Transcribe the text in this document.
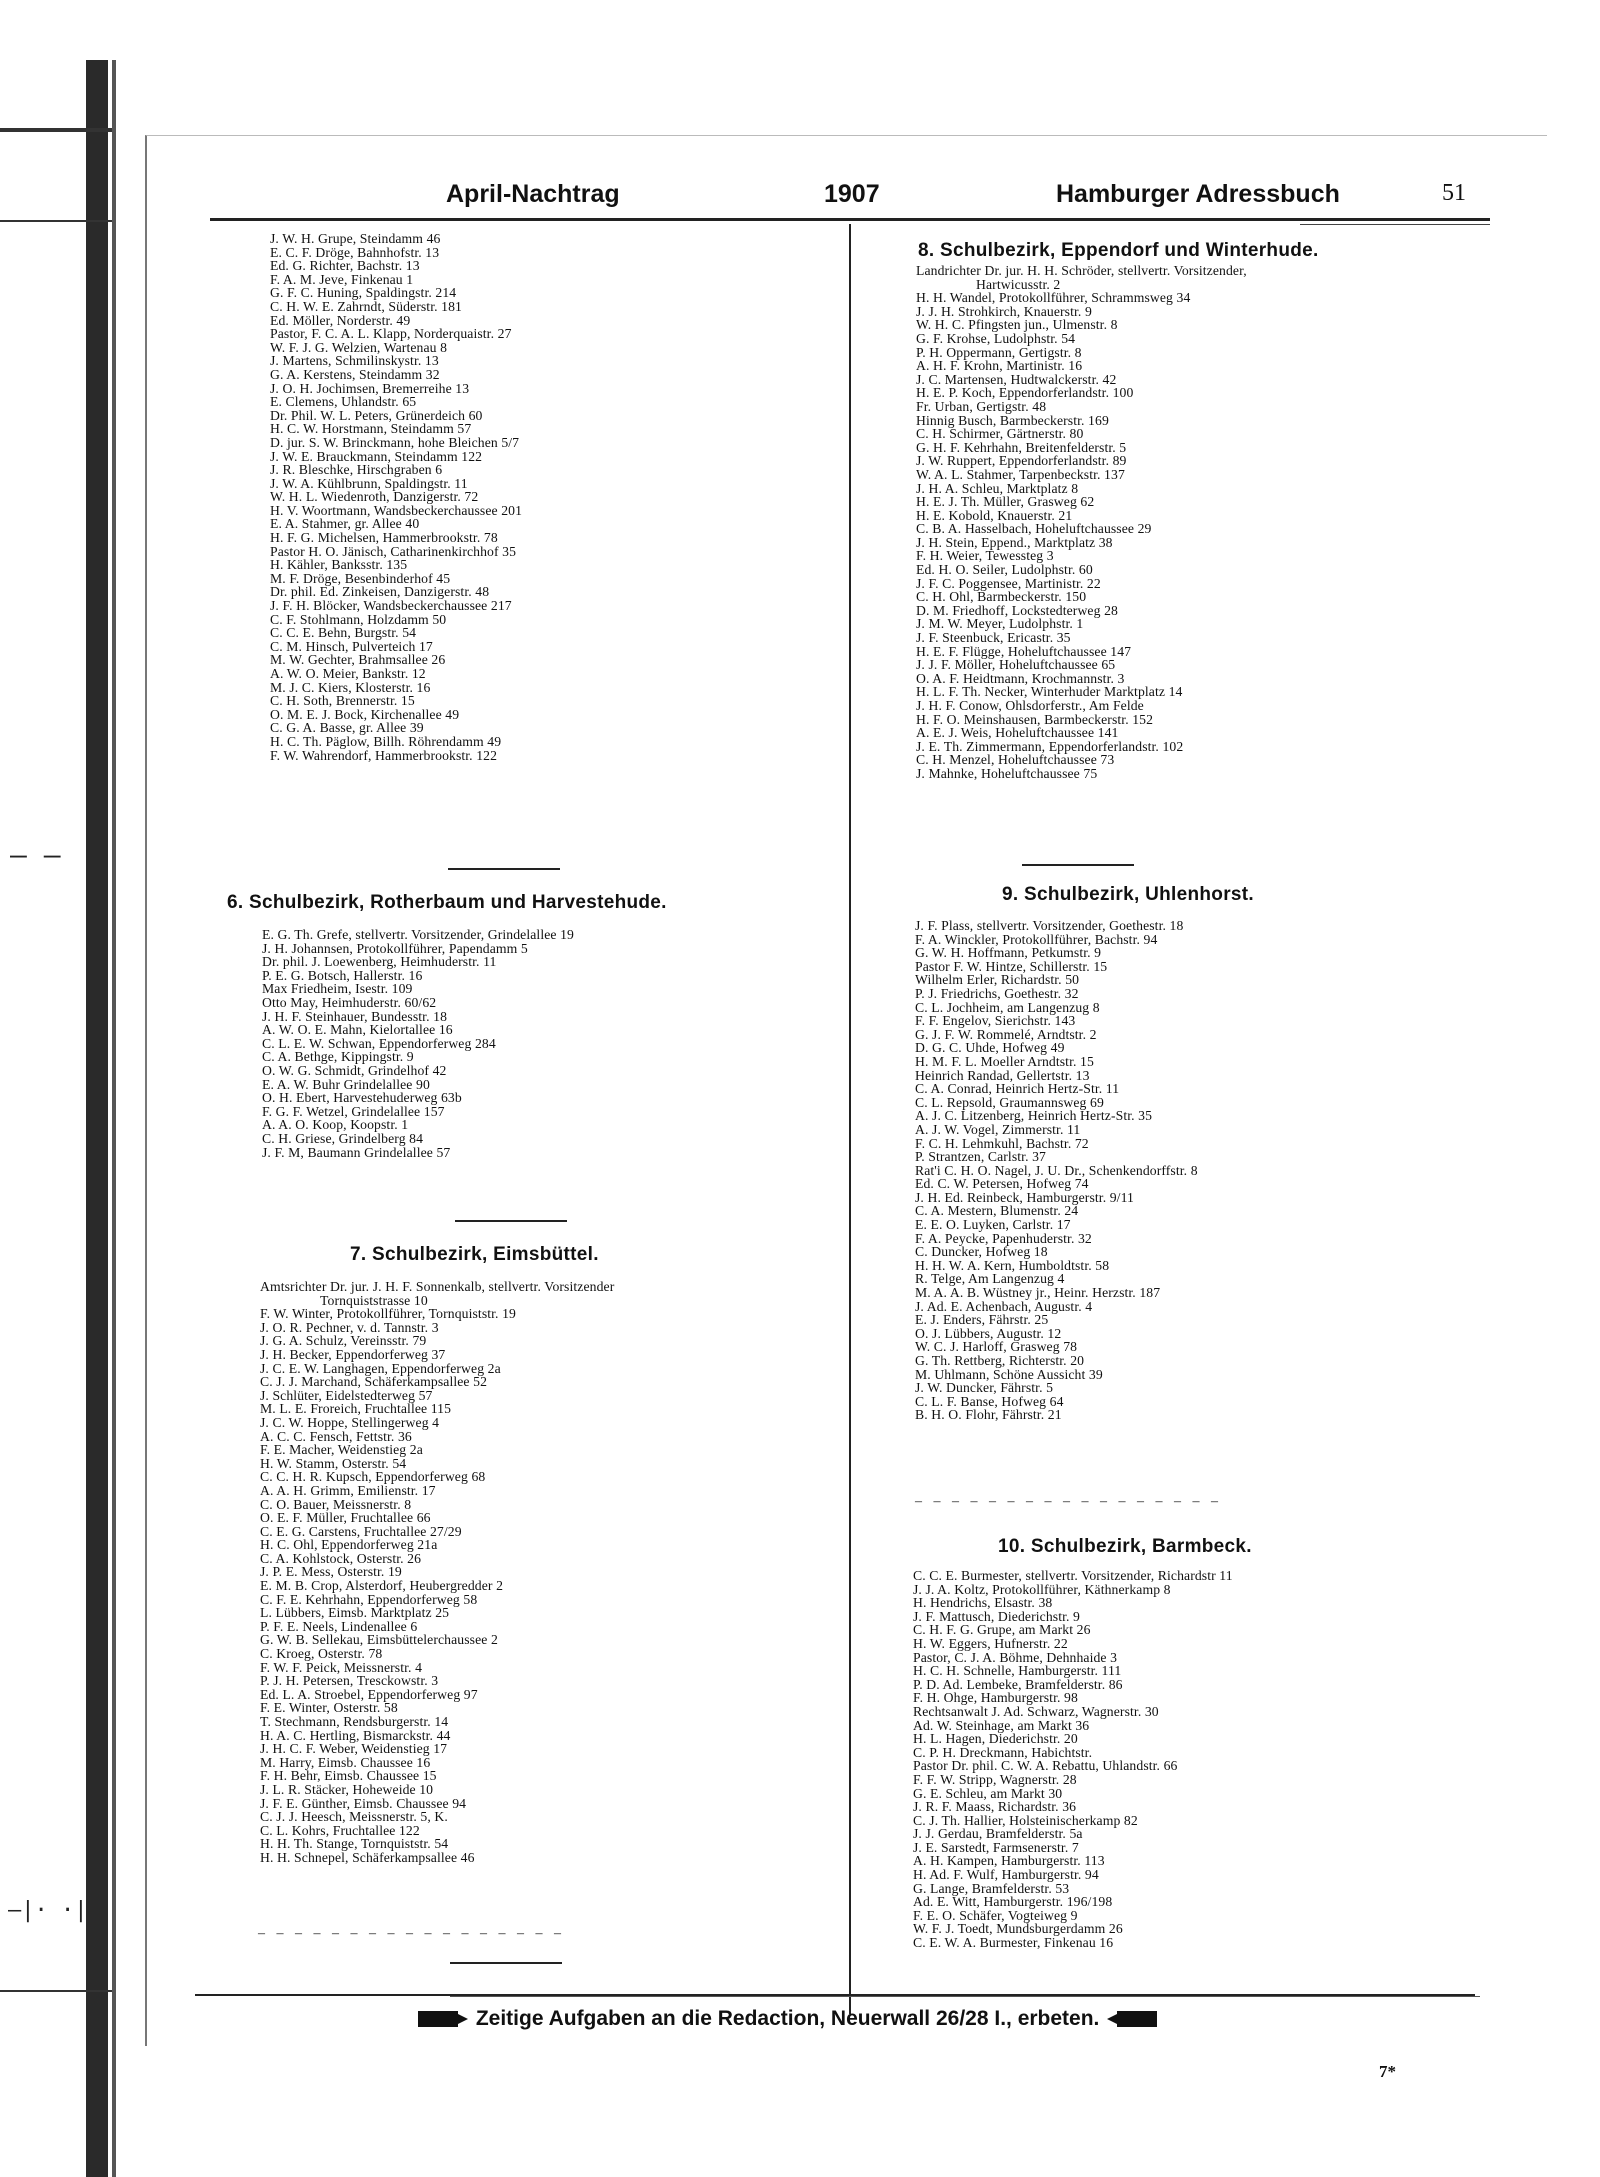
– –
–|· ·|
April-Nachtrag	1907	Hamburger Adressbuch	51
J. W. H. Grupe, Steindamm 46
E. C. F. Dröge, Bahnhofstr. 13
Ed. G. Richter, Bachstr. 13
F. A. M. Jeve, Finkenau 1
G. F. C. Huning, Spaldingstr. 214
C. H. W. E. Zahrndt, Süderstr. 181
Ed. Möller, Norderstr. 49
Pastor, F. C. A. L. Klapp, Norderquaistr. 27
W. F. J. G. Welzien, Wartenau 8
J. Martens, Schmilinskystr. 13
G. A. Kerstens, Steindamm 32
J. O. H. Jochimsen, Bremerreihe 13
E. Clemens, Uhlandstr. 65
Dr. Phil. W. L. Peters, Grünerdeich 60
H. C. W. Horstmann, Steindamm 57
D. jur. S. W. Brinckmann, hohe Bleichen 5/7
J. W. E. Brauckmann, Steindamm 122
J. R. Bleschke, Hirschgraben 6
J. W. A. Kühlbrunn, Spaldingstr. 11
W. H. L. Wiedenroth, Danzigerstr. 72
H. V. Woortmann, Wandsbeckerchaussee 201
E. A. Stahmer, gr. Allee 40
H. F. G. Michelsen, Hammerbrookstr. 78
Pastor H. O. Jänisch, Catharinenkirchhof 35
H. Kähler, Banksstr. 135
M. F. Dröge, Besenbinderhof 45
Dr. phil. Ed. Zinkeisen, Danzigerstr. 48
J. F. H. Blöcker, Wandsbeckerchaussee 217
C. F. Stohlmann, Holzdamm 50
C. C. E. Behn, Burgstr. 54
C. M. Hinsch, Pulverteich 17
M. W. Gechter, Brahmsallee 26
A. W. O. Meier, Bankstr. 12
M. J. C. Kiers, Klosterstr. 16
C. H. Soth, Brennerstr. 15
O. M. E. J. Bock, Kirchenallee 49
C. G. A. Basse, gr. Allee 39
H. C. Th. Päglow, Billh. Röhrendamm 49
F. W. Wahrendorf, Hammerbrookstr. 122
6. Schulbezirk, Rotherbaum und Harvestehude.
E. G. Th. Grefe, stellvertr. Vorsitzender, Grindelallee 19
J. H. Johannsen, Protokollführer, Papendamm 5
Dr. phil. J. Loewenberg, Heimhuderstr. 11
P. E. G. Botsch, Hallerstr. 16
Max Friedheim, Isestr. 109
Otto May, Heimhuderstr. 60/62
J. H. F. Steinhauer, Bundesstr. 18
A. W. O. E. Mahn, Kielortallee 16
C. L. E. W. Schwan, Eppendorferweg 284
C. A. Bethge, Kippingstr. 9
O. W. G. Schmidt, Grindelhof 42
E. A. W. Buhr Grindelallee 90
O. H. Ebert, Harvestehuderweg 63b
F. G. F. Wetzel, Grindelallee 157
A. A. O. Koop, Koopstr. 1
C. H. Griese, Grindelberg 84
J. F. M, Baumann Grindelallee 57
7. Schulbezirk, Eimsbüttel.
Amtsrichter Dr. jur. J. H. F. Sonnenkalb, stellvertr. Vorsitzender
Tornquiststrasse 10
F. W. Winter, Protokollführer, Tornquiststr. 19
J. O. R. Pechner, v. d. Tannstr. 3
J. G. A. Schulz, Vereinsstr. 79
J. H. Becker, Eppendorferweg 37
J. C. E. W. Langhagen, Eppendorferweg 2a
C. J. J. Marchand, Schäferkampsallee 52
J. Schlüter, Eidelstedterweg 57
M. L. E. Froreich, Fruchtallee 115
J. C. W. Hoppe, Stellingerweg 4
A. C. C. Fensch, Fettstr. 36
F. E. Macher, Weidenstieg 2a
H. W. Stamm, Osterstr. 54
C. C. H. R. Kupsch, Eppendorferweg 68
A. A. H. Grimm, Emilienstr. 17
C. O. Bauer, Meissnerstr. 8
O. E. F. Müller, Fruchtallee 66
C. E. G. Carstens, Fruchtallee 27/29
H. C. Ohl, Eppendorferweg 21a
C. A. Kohlstock, Osterstr. 26
J. P. E. Mess, Osterstr. 19
E. M. B. Crop, Alsterdorf, Heubergredder 2
C. F. E. Kehrhahn, Eppendorferweg 58
L. Lübbers, Eimsb. Marktplatz 25
P. F. E. Neels, Lindenallee 6
G. W. B. Sellekau, Eimsbüttelerchaussee 2
C. Kroeg, Osterstr. 78
F. W. F. Peick, Meissnerstr. 4
P. J. H. Petersen, Tresckowstr. 3
Ed. L. A. Stroebel, Eppendorferweg 97
F. E. Winter, Osterstr. 58
T. Stechmann, Rendsburgerstr. 14
H. A. C. Hertling, Bismarckstr. 44
J. H. C. F. Weber, Weidenstieg 17
M. Harry, Eimsb. Chaussee 16
F. H. Behr, Eimsb. Chaussee 15
J. L. R. Stäcker, Hoheweide 10
J. F. E. Günther, Eimsb. Chaussee 94
C. J. J. Heesch, Meissnerstr. 5, K.
C. L. Kohrs, Fruchtallee 122
H. H. Th. Stange, Tornquiststr. 54
H. H. Schnepel, Schäferkampsallee 46
– – – – – – – – – – – – – – – – –
8. Schulbezirk, Eppendorf und Winterhude.
Landrichter Dr. jur. H. H. Schröder, stellvertr. Vorsitzender,
Hartwicusstr. 2
H. H. Wandel, Protokollführer, Schrammsweg 34
J. J. H. Strohkirch, Knauerstr. 9
W. H. C. Pfingsten jun., Ulmenstr. 8
G. F. Krohse, Ludolphstr. 54
P. H. Oppermann, Gertigstr. 8
A. H. F. Krohn, Martinistr. 16
J. C. Martensen, Hudtwalckerstr. 42
H. E. P. Koch, Eppendorferlandstr. 100
Fr. Urban, Gertigstr. 48
Hinnig Busch, Barmbeckerstr. 169
C. H. Schirmer, Gärtnerstr. 80
G. H. F. Kehrhahn, Breitenfelderstr. 5
J. W. Ruppert, Eppendorferlandstr. 89
W. A. L. Stahmer, Tarpenbeckstr. 137
J. H. A. Schleu, Marktplatz 8
H. E. J. Th. Müller, Grasweg 62
H. E. Kobold, Knauerstr. 21
C. B. A. Hasselbach, Hoheluftchaussee 29
J. H. Stein, Eppend., Marktplatz 38
F. H. Weier, Tewessteg 3
Ed. H. O. Seiler, Ludolphstr. 60
J. F. C. Poggensee, Martinistr. 22
C. H. Ohl, Barmbeckerstr. 150
D. M. Friedhoff, Lockstedterweg 28
J. M. W. Meyer, Ludolphstr. 1
J. F. Steenbuck, Ericastr. 35
H. E. F. Flügge, Hoheluftchaussee 147
J. J. F. Möller, Hoheluftchaussee 65
O. A. F. Heidtmann, Krochmannstr. 3
H. L. F. Th. Necker, Winterhuder Marktplatz 14
J. H. F. Conow, Ohlsdorferstr., Am Felde
H. F. O. Meinshausen, Barmbeckerstr. 152
A. E. J. Weis, Hoheluftchaussee 141
J. E. Th. Zimmermann, Eppendorferlandstr. 102
C. H. Menzel, Hoheluftchaussee 73
J. Mahnke, Hoheluftchaussee 75
9. Schulbezirk, Uhlenhorst.
J. F. Plass, stellvertr. Vorsitzender, Goethestr. 18
F. A. Winckler, Protokollführer, Bachstr. 94
G. W. H. Hoffmann, Petkumstr. 9
Pastor F. W. Hintze, Schillerstr. 15
Wilhelm Erler, Richardstr. 50
P. J. Friedrichs, Goethestr. 32
C. L. Jochheim, am Langenzug 8
F. F. Engelov, Sierichstr. 143
G. J. F. W. Rommelé, Arndtstr. 2
D. G. C. Uhde, Hofweg 49
H. M. F. L. Moeller Arndtstr. 15
Heinrich Randad, Gellertstr. 13
C. A. Conrad, Heinrich Hertz-Str. 11
C. L. Repsold, Graumannsweg 69
A. J. C. Litzenberg, Heinrich Hertz-Str. 35
A. J. W. Vogel, Zimmerstr. 11
F. C. H. Lehmkuhl, Bachstr. 72
P. Strantzen, Carlstr. 37
Rat'i C. H. O. Nagel, J. U. Dr., Schenkendorffstr. 8
Ed. C. W. Petersen, Hofweg 74
J. H. Ed. Reinbeck, Hamburgerstr. 9/11
C. A. Mestern, Blumenstr. 24
E. E. O. Luyken, Carlstr. 17
F. A. Peycke, Papenhuderstr. 32
C. Duncker, Hofweg 18
H. H. W. A. Kern, Humboldtstr. 58
R. Telge, Am Langenzug 4
M. A. A. B. Wüstney jr., Heinr. Herzstr. 187
J. Ad. E. Achenbach, Augustr. 4
E. J. Enders, Fährstr. 25
O. J. Lübbers, Augustr. 12
W. C. J. Harloff, Grasweg 78
G. Th. Rettberg, Richterstr. 20
M. Uhlmann, Schöne Aussicht 39
J. W. Duncker, Fährstr. 5
C. L. F. Banse, Hofweg 64
B. H. O. Flohr, Fährstr. 21
– – – – – – – – – – – – – – – – –
10. Schulbezirk, Barmbeck.
C. C. E. Burmester, stellvertr. Vorsitzender, Richardstr 11
J. J. A. Koltz, Protokollführer, Käthnerkamp 8
H. Hendrichs, Elsastr. 38
J. F. Mattusch, Diederichstr. 9
C. H. F. G. Grupe, am Markt 26
H. W. Eggers, Hufnerstr. 22
Pastor, C. J. A. Böhme, Dehnhaide 3
H. C. H. Schnelle, Hamburgerstr. 111
P. D. Ad. Lembeke, Bramfelderstr. 86
F. H. Ohge, Hamburgerstr. 98
Rechtsanwalt J. Ad. Schwarz, Wagnerstr. 30
Ad. W. Steinhage, am Markt 36
H. L. Hagen, Diederichstr. 20
C. P. H. Dreckmann, Habichtstr.
Pastor Dr. phil. C. W. A. Rebattu, Uhlandstr. 66
F. F. W. Stripp, Wagnerstr. 28
G. E. Schleu, am Markt 30
J. R. F. Maass, Richardstr. 36
C. J. Th. Hallier, Holsteinischerkamp 82
J. J. Gerdau, Bramfelderstr. 5a
J. E. Sarstedt, Farmsenerstr. 7
A. H. Kampen, Hamburgerstr. 113
H. Ad. F. Wulf, Hamburgerstr. 94
G. Lange, Bramfelderstr. 53
Ad. E. Witt, Hamburgerstr. 196/198
F. E. O. Schäfer, Vogteiweg 9
W. F. J. Toedt, Mundsburgerdamm 26
C. E. W. A. Burmester, Finkenau 16
Zeitige Aufgaben an die Redaction, Neuerwall 26/28 I., erbeten.
7*
